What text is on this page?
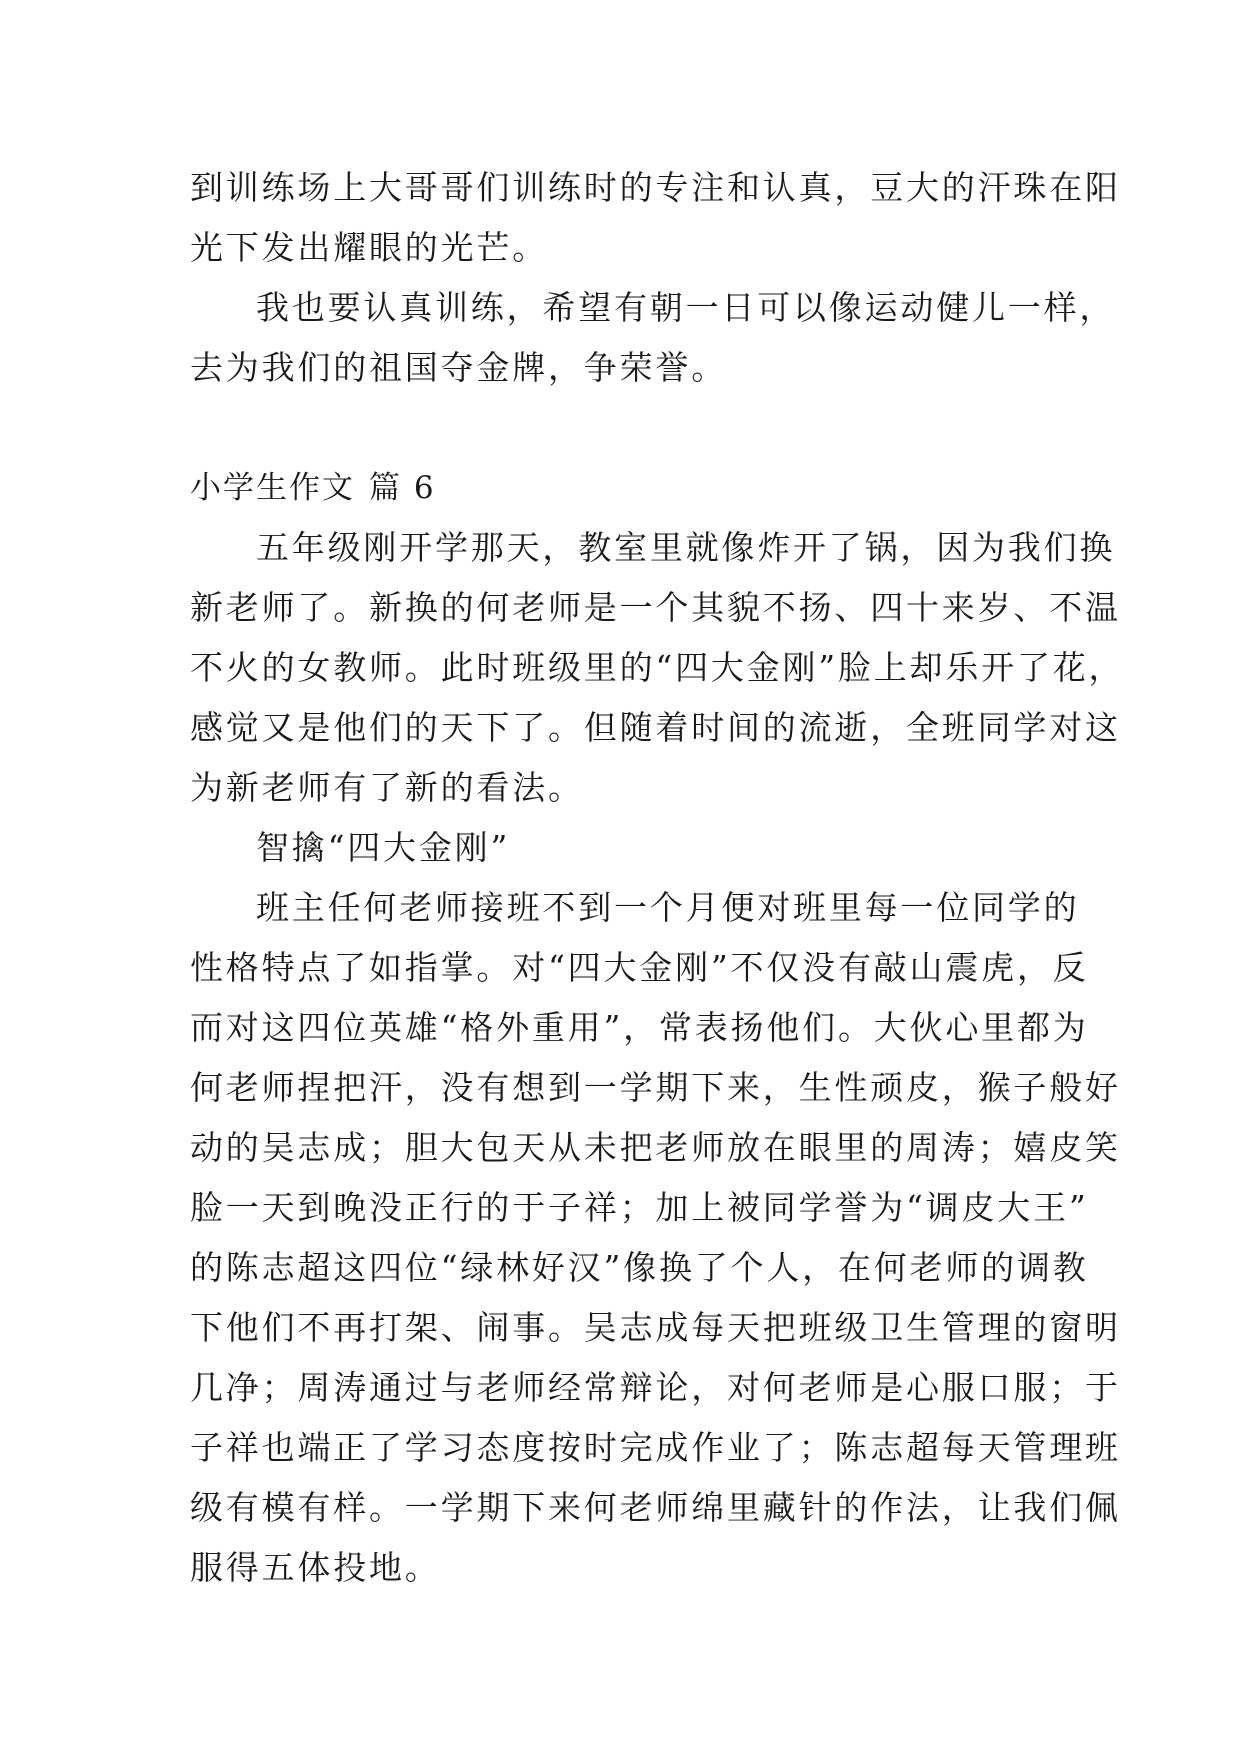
到训练场上大哥哥们训练时的专注和认真，豆大的汗珠在阳
光下发出耀眼的光芒。
我也要认真训练，希望有朝一日可以像运动健儿一样，
去为我们的祖国夺金牌，争荣誉。
小学生作文 篇 6
五年级刚开学那天，教室里就像炸开了锅，因为我们换
新老师了。新换的何老师是一个其貌不扬、四十来岁、不温
不火的女教师。此时班级里的“四大金刚”脸上却乐开了花，
感觉又是他们的天下了。但随着时间的流逝，全班同学对这
为新老师有了新的看法。
智擒“四大金刚”
班主任何老师接班不到一个月便对班里每一位同学的
性格特点了如指掌。对“四大金刚”不仅没有敲山震虎，反
而对这四位英雄“格外重用”，常表扬他们。大伙心里都为
何老师捏把汗，没有想到一学期下来，生性顽皮，猴子般好
动的吴志成；胆大包天从未把老师放在眼里的周涛；嬉皮笑
脸一天到晚没正行的于子祥；加上被同学誉为“调皮大王”
的陈志超这四位“绿林好汉”像换了个人，在何老师的调教
下他们不再打架、闹事。吴志成每天把班级卫生管理的窗明
几净；周涛通过与老师经常辩论，对何老师是心服口服；于
子祥也端正了学习态度按时完成作业了；陈志超每天管理班
级有模有样。一学期下来何老师绵里藏针的作法，让我们佩
服得五体投地。
